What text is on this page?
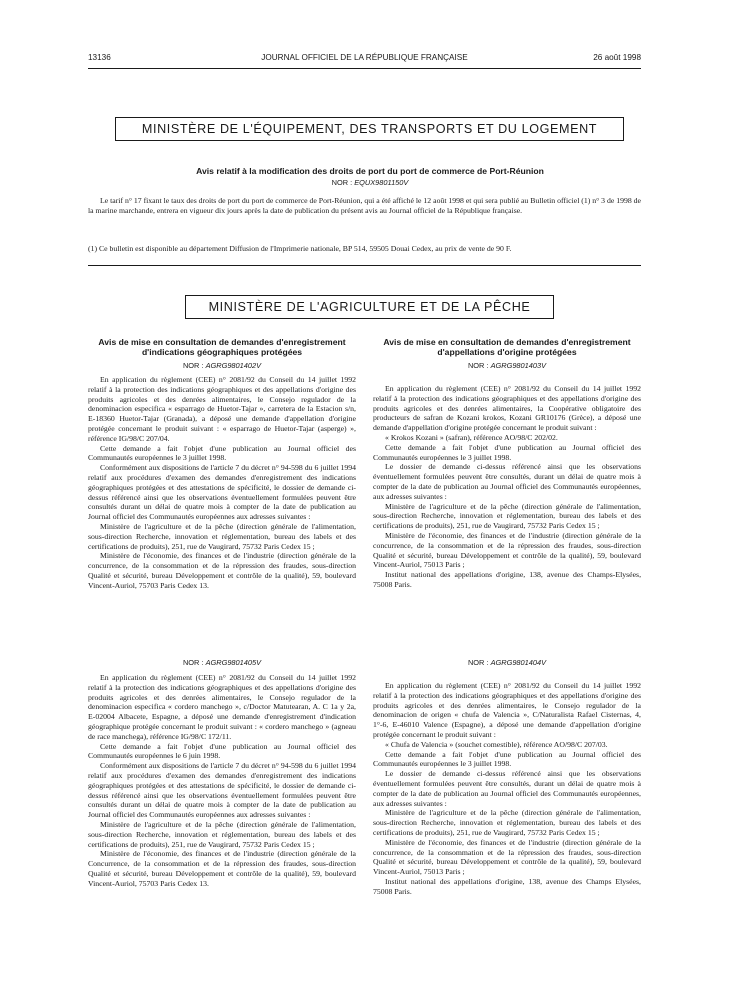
13136	JOURNAL OFFICIEL DE LA RÉPUBLIQUE FRANÇAISE	26 août 1998
MINISTÈRE DE L'ÉQUIPEMENT, DES TRANSPORTS ET DU LOGEMENT
Avis relatif à la modification des droits de port du port de commerce de Port-Réunion
NOR : EQUX9801150V

Le tarif n° 17 fixant le taux des droits de port du port de commerce de Port-Réunion, qui a été affiché le 12 août 1998 et qui sera publié au Bulletin officiel (1) n° 3 de 1998 de la marine marchande, entrera en vigueur dix jours après la date de publication du présent avis au Journal officiel de la République française.

(1) Ce bulletin est disponible au département Diffusion de l'Imprimerie nationale, BP 514, 59505 Douai Cedex, au prix de vente de 90 F.

MINISTÈRE DE L'AGRICULTURE ET DE LA PÊCHE
Avis de mise en consultation de demandes d'enregistrement d'indications géographiques protégées
NOR : AGRG9801402V

En application du règlement (CEE) n° 2081/92 du Conseil du 14 juillet 1992 relatif à la protection des indications géographiques et des appellations d'origine des produits agricoles et des denrées alimentaires, le Consejo regulador de la denominacion especifica « esparrago de Huetor-Tajar », carretera de la Estacion s/n, E-18360 Huetor-Tajar (Granada), a déposé une demande d'appellation d'origine protégée concernant le produit suivant : « esparrago de Huetor-Tajar (asperge) », référence IG/98/C 207/04.

Cette demande a fait l'objet d'une publication au Journal officiel des Communautés européennes le 3 juillet 1998.

Conformément aux dispositions de l'article 7 du décret n° 94-598 du 6 juillet 1994 relatif aux procédures d'examen des demandes d'enregistrement des indications géographiques protégées et des attestations de spécificité, le dossier de demande ci-dessus référencé ainsi que les observations éventuellement formulées peuvent être consultés durant un délai de quatre mois à compter de la date de publication au Journal officiel des Communautés européennes aux adresses suivantes :

Ministère de l'agriculture et de la pêche (direction générale de l'alimentation, sous-direction Recherche, innovation et réglementation, bureau des labels et des certifications de produits), 251, rue de Vaugirard, 75732 Paris Cedex 15 ;

Ministère de l'économie, des finances et de l'industrie (direction générale de la concurrence, de la consommation et de la répression des fraudes, sous-direction Qualité et sécurité, bureau Développement et contrôle de la qualité), 59, boulevard Vincent-Auriol, 75703 Paris Cedex 13.

NOR : AGRG9801405V

En application du règlement (CEE) n° 2081/92 du Conseil du 14 juillet 1992 relatif à la protection des indications géographiques et des appellations d'origine des produits agricoles et des denrées alimentaires, le Consejo regulador de la denominacion especifica « cordero manchego », c/Doctor Matutearan, A. C 1a y 2a, E-02004 Albacete, Espagne, a déposé une demande d'enregistrement d'indication géographique protégée concernant le produit suivant : « cordero manchego » (agneau de race manchega), référence IG/98/C 172/11.

Cette demande a fait l'objet d'une publication au Journal officiel des Communautés européennes le 6 juin 1998.

Conformément aux dispositions de l'article 7 du décret n° 94-598 du 6 juillet 1994 relatif aux procédures d'examen des demandes d'enregistrement des indications géographiques protégées et des attestations de spécificité, le dossier de demande ci-dessus référencé ainsi que les observations éventuellement formulées peuvent être consultés durant un délai de quatre mois à compter de la date de publication au Journal officiel des Communautés européennes aux adresses suivantes :

Ministère de l'agriculture et de la pêche (direction générale de l'alimentation, sous-direction Recherche, innovation et réglementation, bureau des labels et des certifications de produits), 251, rue de Vaugirard, 75732 Paris Cedex 15 ;

Ministère de l'économie, des finances et de l'industrie (direction générale de la Concurrence, de la consommation et de la répression des fraudes, sous-direction Qualité et sécurité, bureau Développement et contrôle de la qualité), 59, boulevard Vincent-Auriol, 75703 Paris Cedex 13.

Avis de mise en consultation de demandes d'enregistrement d'appellations d'origine protégées
NOR : AGRG9801403V

En application du règlement (CEE) n° 2081/92 du Conseil du 14 juillet 1992 relatif à la protection des indications géographiques et des appellations d'origine des produits agricoles et des denrées alimentaires, la Coopérative obligatoire des producteurs de safran de Kozani krokos, Kozani GR10176 (Grèce), a déposé une demande d'appellation d'origine protégée concernant le produit suivant :

« Krokos Kozani » (safran), référence AO/98/C 202/02.

Cette demande a fait l'objet d'une publication au Journal officiel des Communautés européennes le 3 juillet 1998.

Le dossier de demande ci-dessus référencé ainsi que les observations éventuellement formulées peuvent être consultés, durant un délai de quatre mois à compter de la date de publication au Journal officiel des Communautés européennes, aux adresses suivantes :

Ministère de l'agriculture et de la pêche (direction générale de l'alimentation, sous-direction Recherche, innovation et réglementation, bureau des labels et des certifications de produits), 251, rue de Vaugirard, 75732 Paris Cedex 15 ;

Ministère de l'économie, des finances et de l'industrie (direction générale de la concurrence, de la consommation et de la répression des fraudes, sous-direction Qualité et sécurité, bureau Développement et contrôle de la qualité), 59, boulevard Vincent-Auriol, 75013 Paris ;

Institut national des appellations d'origine, 138, avenue des Champs-Elysées, 75008 Paris.

NOR : AGRG9801404V

En application du règlement (CEE) n° 2081/92 du Conseil du 14 juillet 1992 relatif à la protection des indications géographiques et des appellations d'origine des produits agricoles et des denrées alimentaires, le Consejo regulador de la denominacion de origen « chufa de Valencia », C/Naturalista Rafael Cisternas, 4, 1°-6, E-46010 Valence (Espagne), a déposé une demande d'appellation d'origine protégée concernant le produit suivant :

« Chufa de Valencia » (souchet comestible), référence AO/98/C 207/03.

Cette demande a fait l'objet d'une publication au Journal officiel des Communautés européennes le 3 juillet 1998.

Le dossier de demande ci-dessus référencé ainsi que les observations éventuellement formulées peuvent être consultés, durant un délai de quatre mois à compter de la date de publication au Journal officiel des Communautés européennes, aux adresses suivantes :

Ministère de l'agriculture et de la pêche (direction générale de l'alimentation, sous-direction Recherche, innovation et réglementation, bureau des labels et des certifications de produits), 251, rue de Vaugirard, 75732 Paris Cedex 15 ;

Ministère de l'économie, des finances et de l'industrie (direction générale de la concurrence, de la consommation et de la répression des fraudes, sous-direction Qualité et sécurité, bureau Développement et contrôle de la qualité), 59, boulevard Vincent-Auriol, 75013 Paris ;

Institut national des appellations d'origine, 138, avenue des Champs Elysées, 75008 Paris.
